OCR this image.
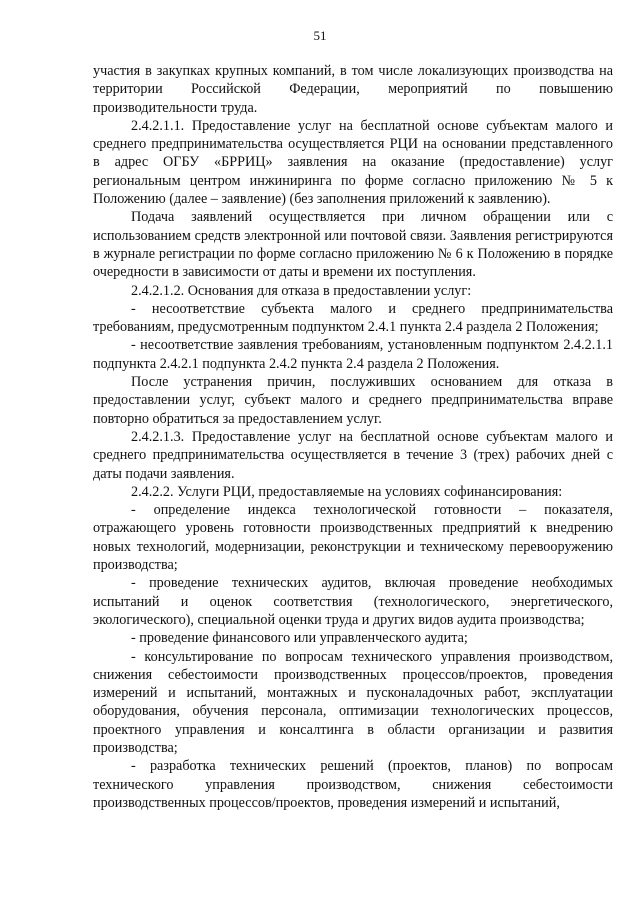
51

участия в закупках крупных компаний, в том числе локализующих производства на территории Российской Федерации, мероприятий по повышению производительности труда.

2.4.2.1.1. Предоставление услуг на бесплатной основе субъектам малого и среднего предпринимательства осуществляется РЦИ на основании представленного в адрес ОГБУ «БРРИЦ» заявления на оказание (предоставление) услуг региональным центром инжиниринга по форме согласно приложению № 5 к Положению (далее – заявление) (без заполнения приложений к заявлению).

Подача заявлений осуществляется при личном обращении или с использованием средств электронной или почтовой связи. Заявления регистрируются в журнале регистрации по форме согласно приложению № 6 к Положению в порядке очередности в зависимости от даты и времени их поступления.

2.4.2.1.2. Основания для отказа в предоставлении услуг:

- несоответствие субъекта малого и среднего предпринимательства требованиям, предусмотренным подпунктом 2.4.1 пункта 2.4 раздела 2 Положения;

- несоответствие заявления требованиям, установленным подпунктом 2.4.2.1.1 подпункта 2.4.2.1 подпункта 2.4.2 пункта 2.4 раздела 2 Положения.

После устранения причин, послуживших основанием для отказа в предоставлении услуг, субъект малого и среднего предпринимательства вправе повторно обратиться за предоставлением услуг.

2.4.2.1.3. Предоставление услуг на бесплатной основе субъектам малого и среднего предпринимательства осуществляется в течение 3 (трех) рабочих дней с даты подачи заявления.

2.4.2.2. Услуги РЦИ, предоставляемые на условиях софинансирования:

- определение индекса технологической готовности – показателя, отражающего уровень готовности производственных предприятий к внедрению новых технологий, модернизации, реконструкции и техническому перевооружению производства;

- проведение технических аудитов, включая проведение необходимых испытаний и оценок соответствия (технологического, энергетического, экологического), специальной оценки труда и других видов аудита производства;

- проведение финансового или управленческого аудита;

- консультирование по вопросам технического управления производством, снижения себестоимости производственных процессов/проектов, проведения измерений и испытаний, монтажных и пусконаладочных работ, эксплуатации оборудования, обучения персонала, оптимизации технологических процессов, проектного управления и консалтинга в области организации и развития производства;

- разработка технических решений (проектов, планов) по вопросам технического управления производством, снижения себестоимости производственных процессов/проектов, проведения измерений и испытаний,
